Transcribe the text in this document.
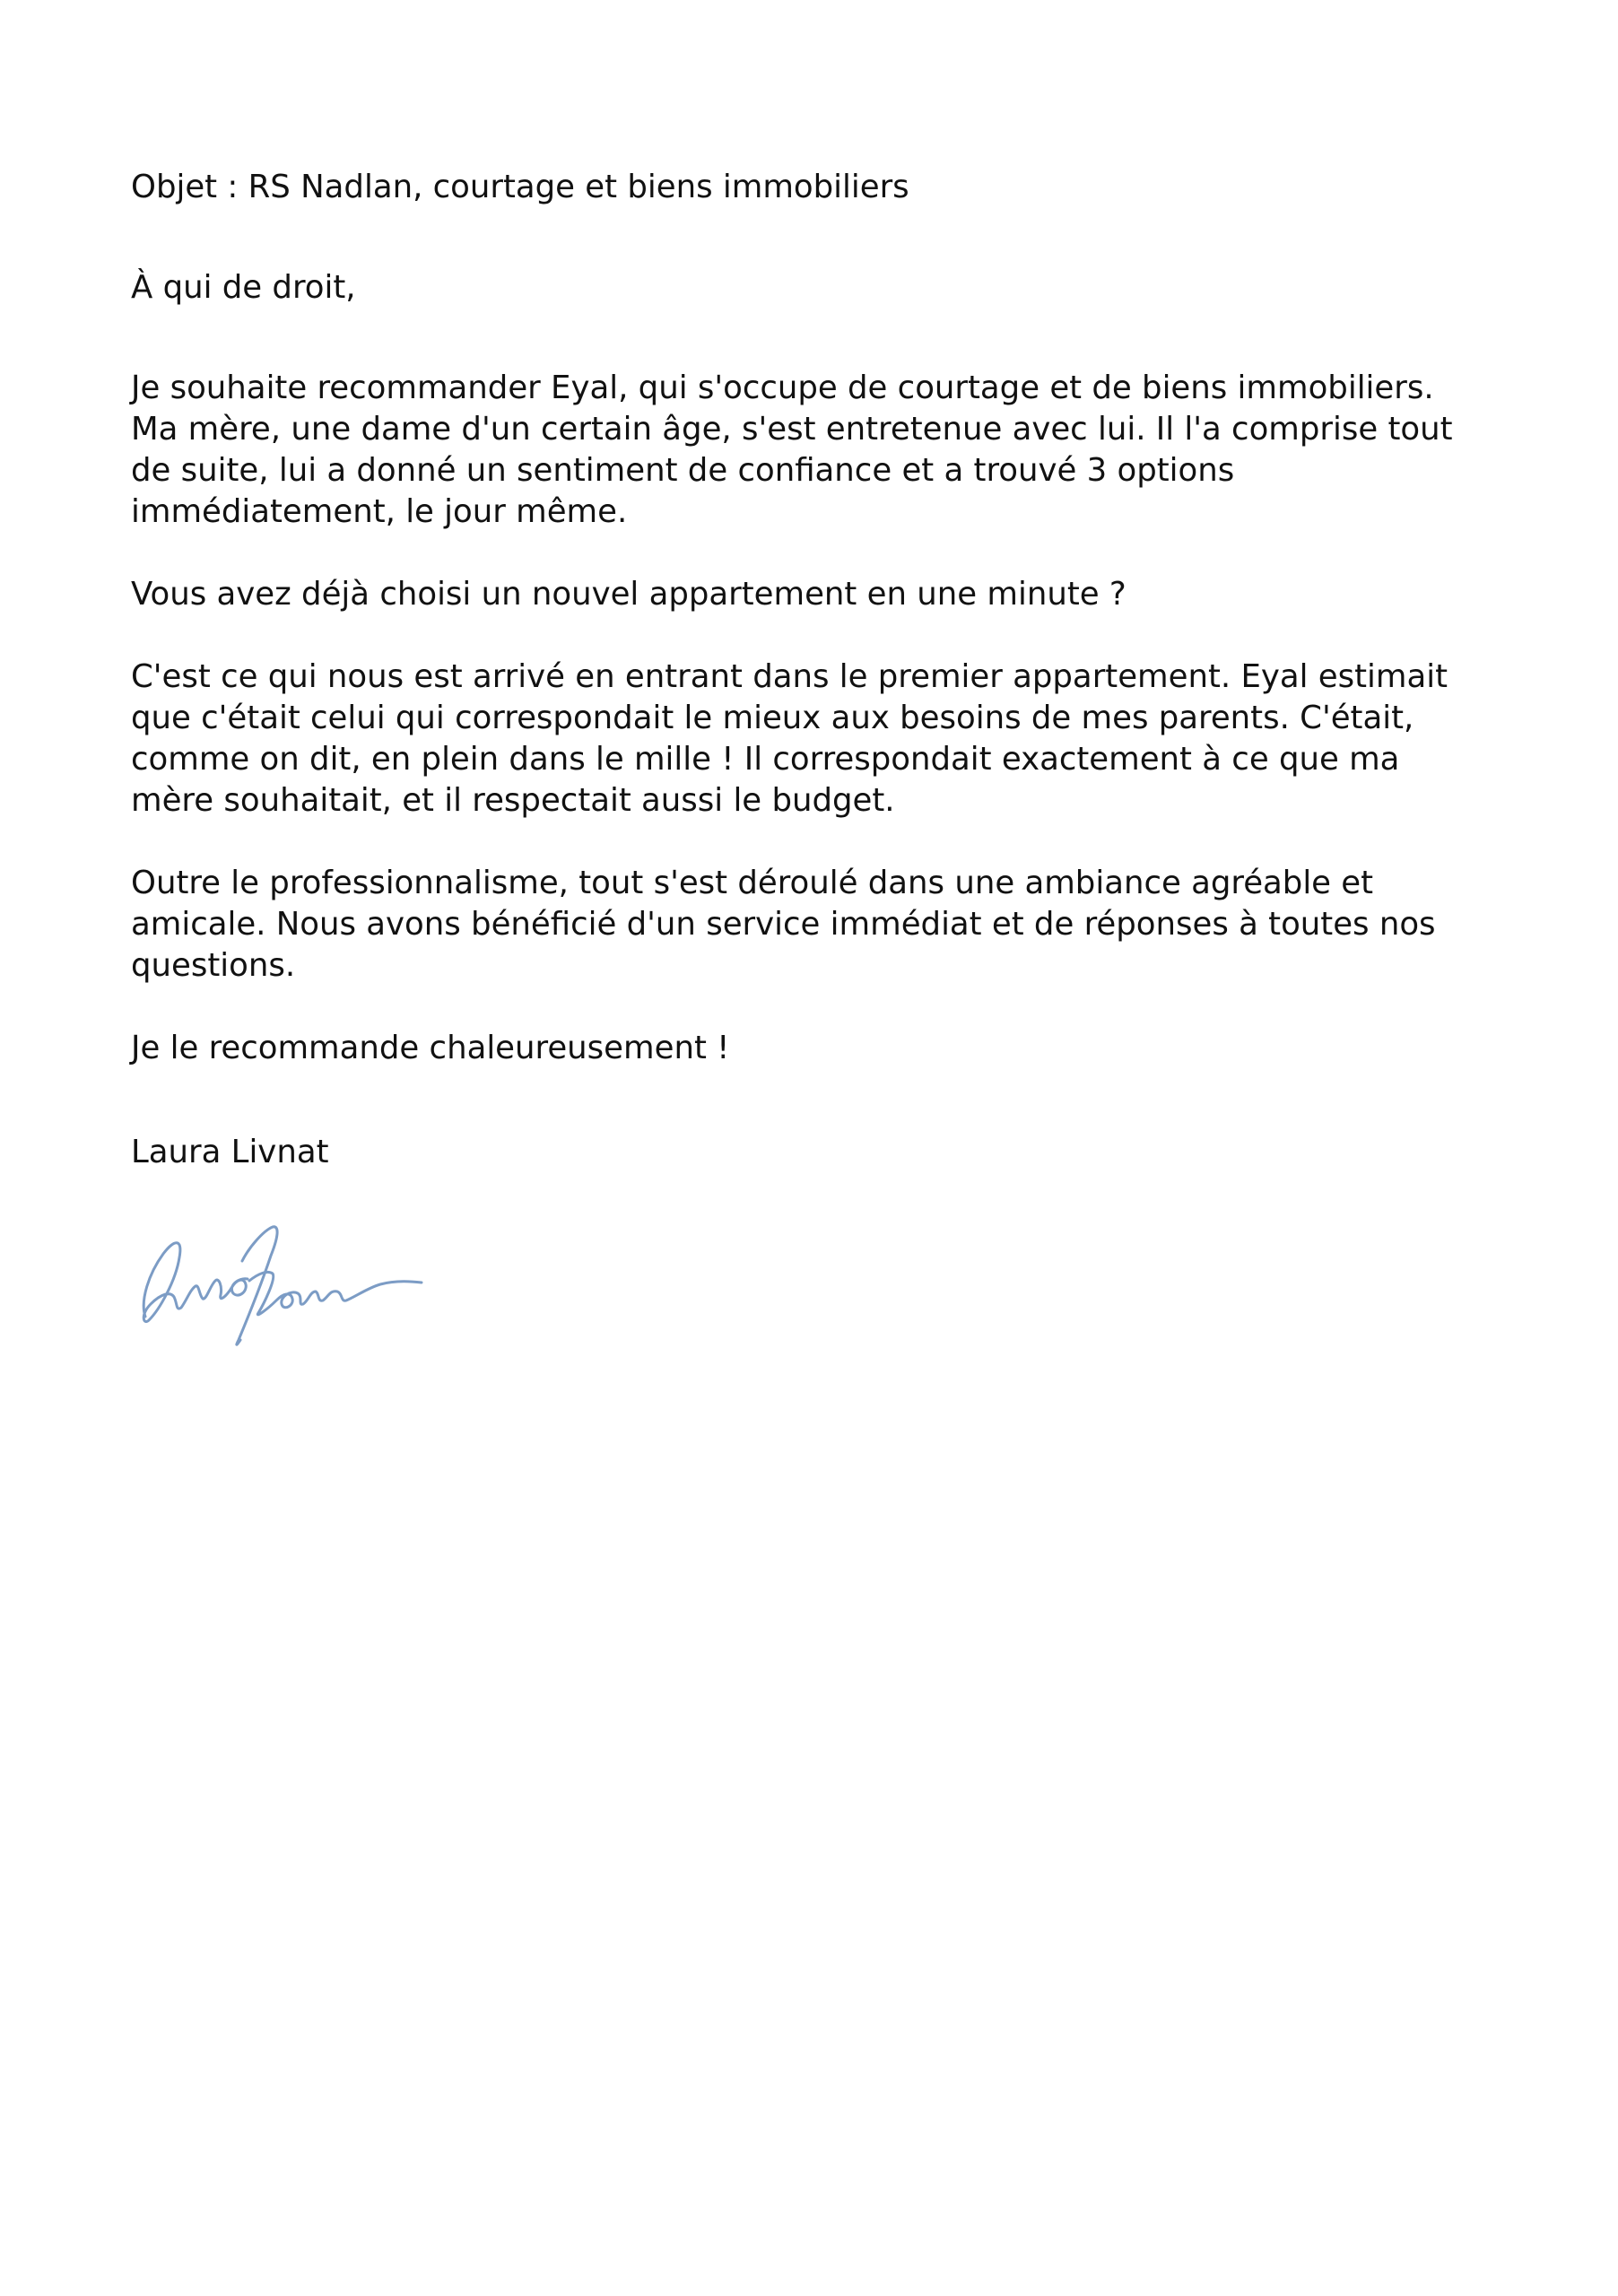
Objet : RS Nadlan, courtage et biens immobiliers
À qui de droit,
Je souhaite recommander Eyal, qui s'occupe de courtage et de biens immobiliers.
Ma mère, une dame d'un certain âge, s'est entretenue avec lui. Il l'a comprise tout
de suite, lui a donné un sentiment de confiance et a trouvé 3 options
immédiatement, le jour même.
Vous avez déjà choisi un nouvel appartement en une minute ?
C'est ce qui nous est arrivé en entrant dans le premier appartement. Eyal estimait
que c'était celui qui correspondait le mieux aux besoins de mes parents. C'était,
comme on dit, en plein dans le mille ! Il correspondait exactement à ce que ma
mère souhaitait, et il respectait aussi le budget.
Outre le professionnalisme, tout s'est déroulé dans une ambiance agréable et
amicale. Nous avons bénéficié d'un service immédiat et de réponses à toutes nos
questions.
Je le recommande chaleureusement !
Laura Livnat
